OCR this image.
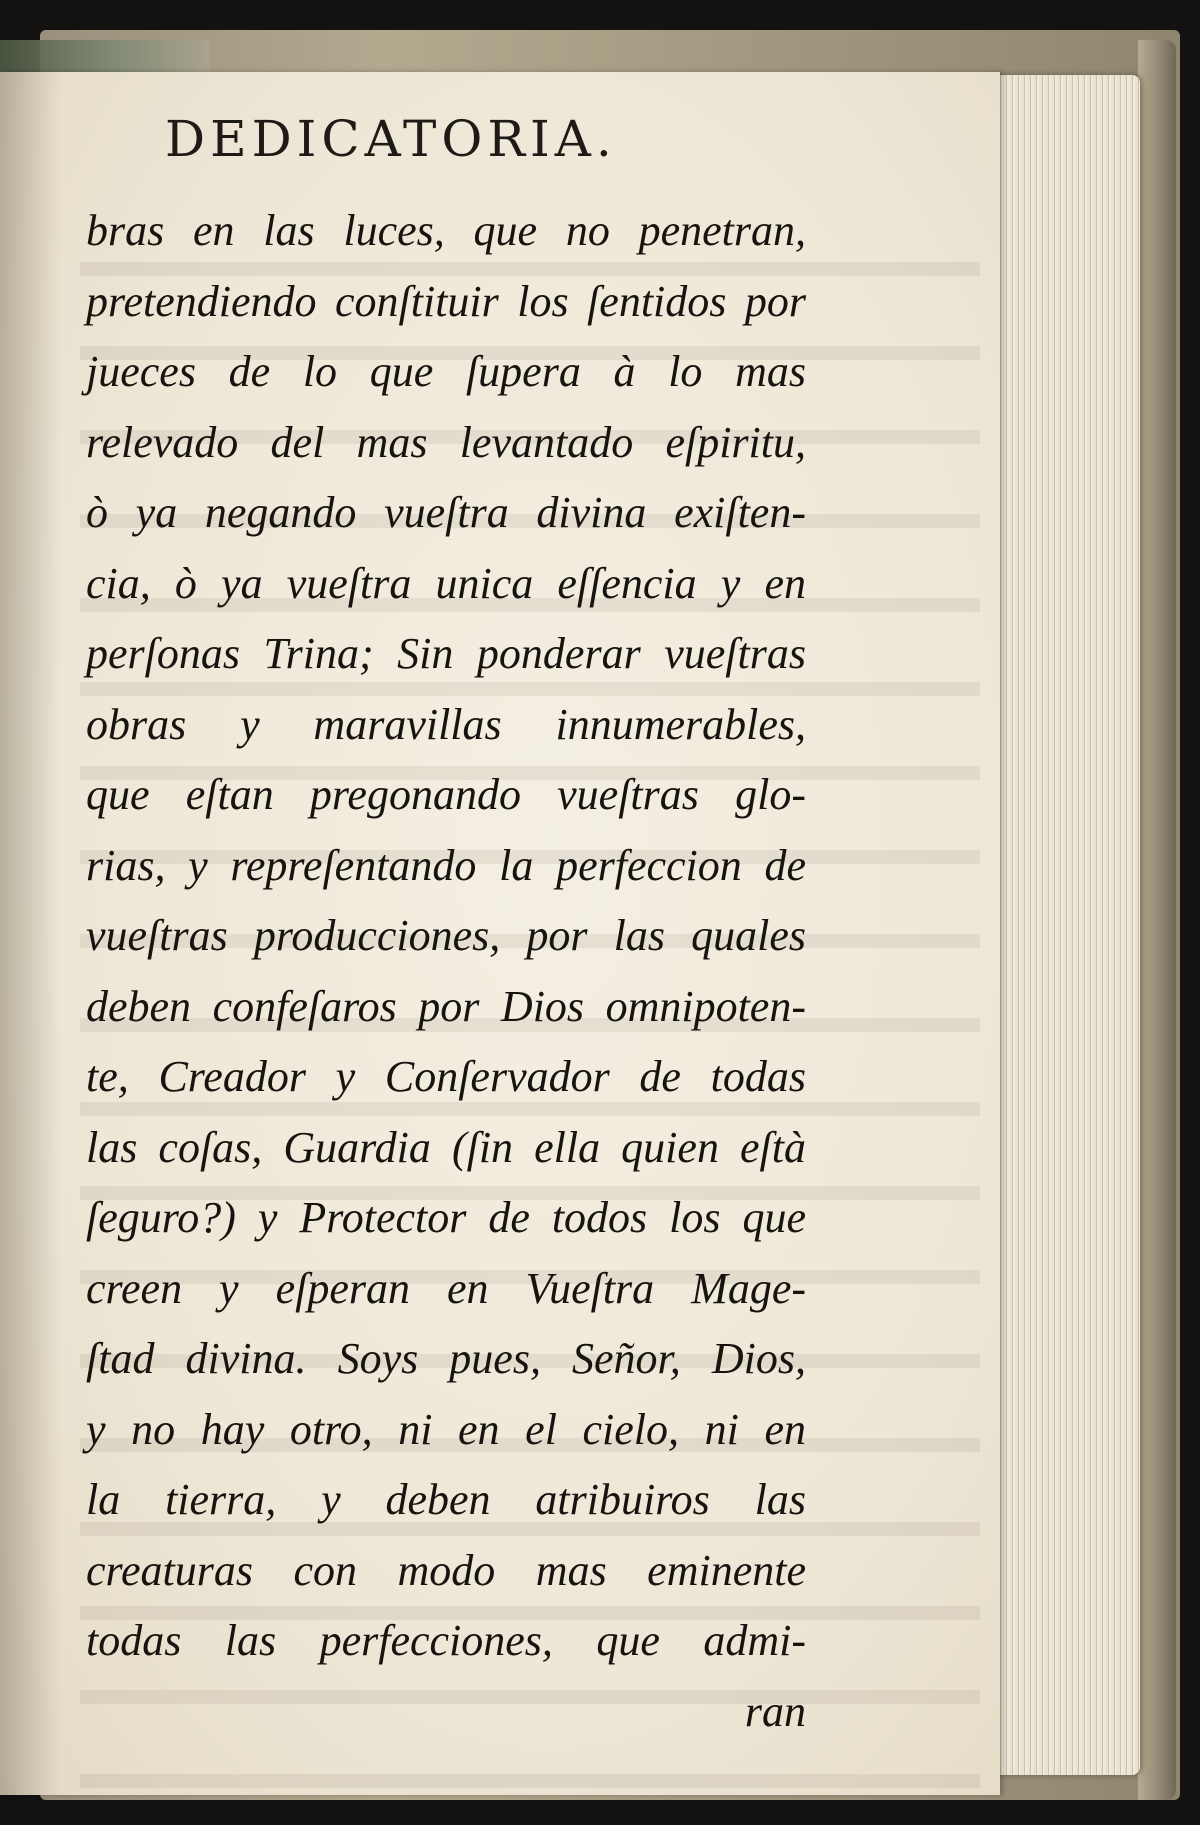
DEDICATORIA.
bras en las luces, que no penetran,
pretendiendo conſtituir los ſentidos por
jueces de lo que ſupera à lo mas
relevado del mas levantado eſpiritu,
ò ya negando vueſtra divina exiſten-
cia, ò ya vueſtra unica eſſencia y en
perſonas Trina; Sin ponderar vueſtras
obras y maravillas innumerables,
que eſtan pregonando vueſtras glo-
rias, y repreſentando la perfeccion de
vueſtras producciones, por las quales
deben confeſaros por Dios omnipoten-
te, Creador y Conſervador de todas
las coſas, Guardia (ſin ella quien eſtà
ſeguro?) y Protector de todos los que
creen y eſperan en Vueſtra Mage-
ſtad divina. Soys pues, Señor, Dios,
y no hay otro, ni en el cielo, ni en
la tierra, y deben atribuiros las
creaturas con modo mas eminente
todas las perfecciones, que admi-
ran
